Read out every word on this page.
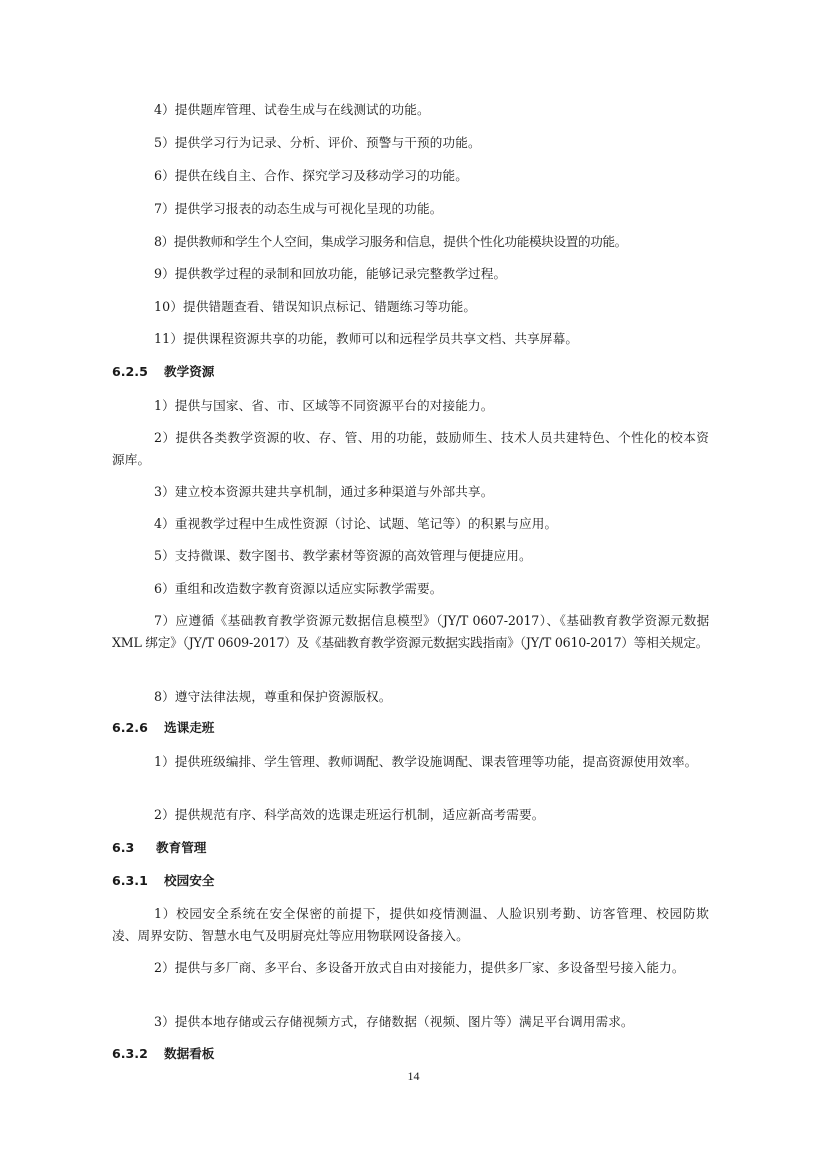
4）提供题库管理、试卷生成与在线测试的功能。

5）提供学习行为记录、分析、评价、预警与干预的功能。

6）提供在线自主、合作、探究学习及移动学习的功能。

7）提供学习报表的动态生成与可视化呈现的功能。

8）提供教师和学生个人空间，集成学习服务和信息，提供个性化功能模块设置的功能。

9）提供教学过程的录制和回放功能，能够记录完整教学过程。

10）提供错题查看、错误知识点标记、错题练习等功能。

11）提供课程资源共享的功能，教师可以和远程学员共享文档、共享屏幕。

6.2.5 教学资源

1）提供与国家、省、市、区域等不同资源平台的对接能力。

2）提供各类教学资源的收、存、管、用的功能，鼓励师生、技术人员共建特色、个性化的校本资源库。

3）建立校本资源共建共享机制，通过多种渠道与外部共享。

4）重视教学过程中生成性资源（讨论、试题、笔记等）的积累与应用。

5）支持微课、数字图书、教学素材等资源的高效管理与便捷应用。

6）重组和改造数字教育资源以适应实际教学需要。

7）应遵循《基础教育教学资源元数据信息模型》（JY/T 0607-2017）、《基础教育教学资源元数据 XML 绑定》（JY/T 0609-2017）及《基础教育教学资源元数据实践指南》（JY/T 0610-2017）等相关规定。

8）遵守法律法规，尊重和保护资源版权。

6.2.6 选课走班

1）提供班级编排、学生管理、教师调配、教学设施调配、课表管理等功能，提高资源使用效率。

2）提供规范有序、科学高效的选课走班运行机制，适应新高考需要。

6.3 教育管理
6.3.1 校园安全

1）校园安全系统在安全保密的前提下，提供如疫情测温、人脸识别考勤、访客管理、校园防欺凌、周界安防、智慧水电气及明厨亮灶等应用物联网设备接入。

2）提供与多厂商、多平台、多设备开放式自由对接能力，提供多厂家、多设备型号接入能力。

3）提供本地存储或云存储视频方式，存储数据（视频、图片等）满足平台调用需求。

6.3.2 数据看板
14
